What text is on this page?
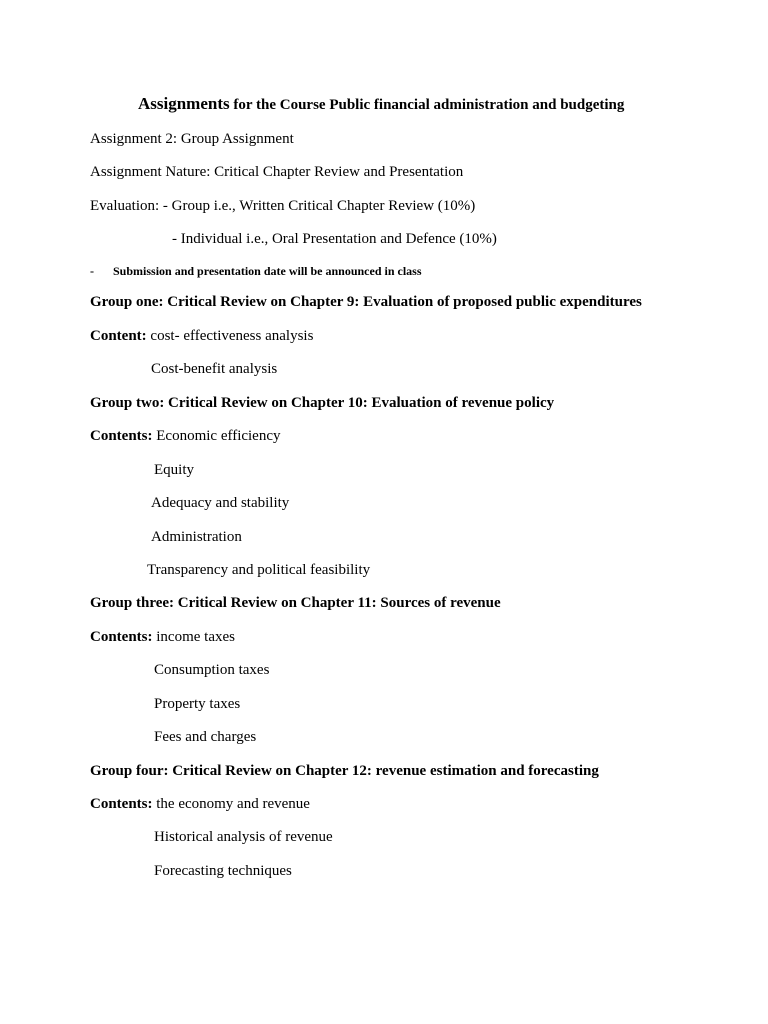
Assignments for the Course Public financial administration and budgeting
Assignment 2: Group Assignment
Assignment Nature: Critical Chapter Review and Presentation
Evaluation: - Group i.e., Written Critical Chapter Review (10%)
- Individual i.e., Oral Presentation and Defence (10%)
- Submission and presentation date will be announced in class
Group one: Critical Review on Chapter 9: Evaluation of proposed public expenditures
Content: cost- effectiveness analysis
Cost-benefit analysis
Group two: Critical Review on Chapter 10: Evaluation of revenue policy
Contents: Economic efficiency
Equity
Adequacy and stability
Administration
Transparency and political feasibility
Group three: Critical Review on Chapter 11: Sources of revenue
Contents: income taxes
Consumption taxes
Property taxes
Fees and charges
Group four: Critical Review on Chapter 12: revenue estimation and forecasting
Contents: the economy and revenue
Historical analysis of revenue
Forecasting techniques
